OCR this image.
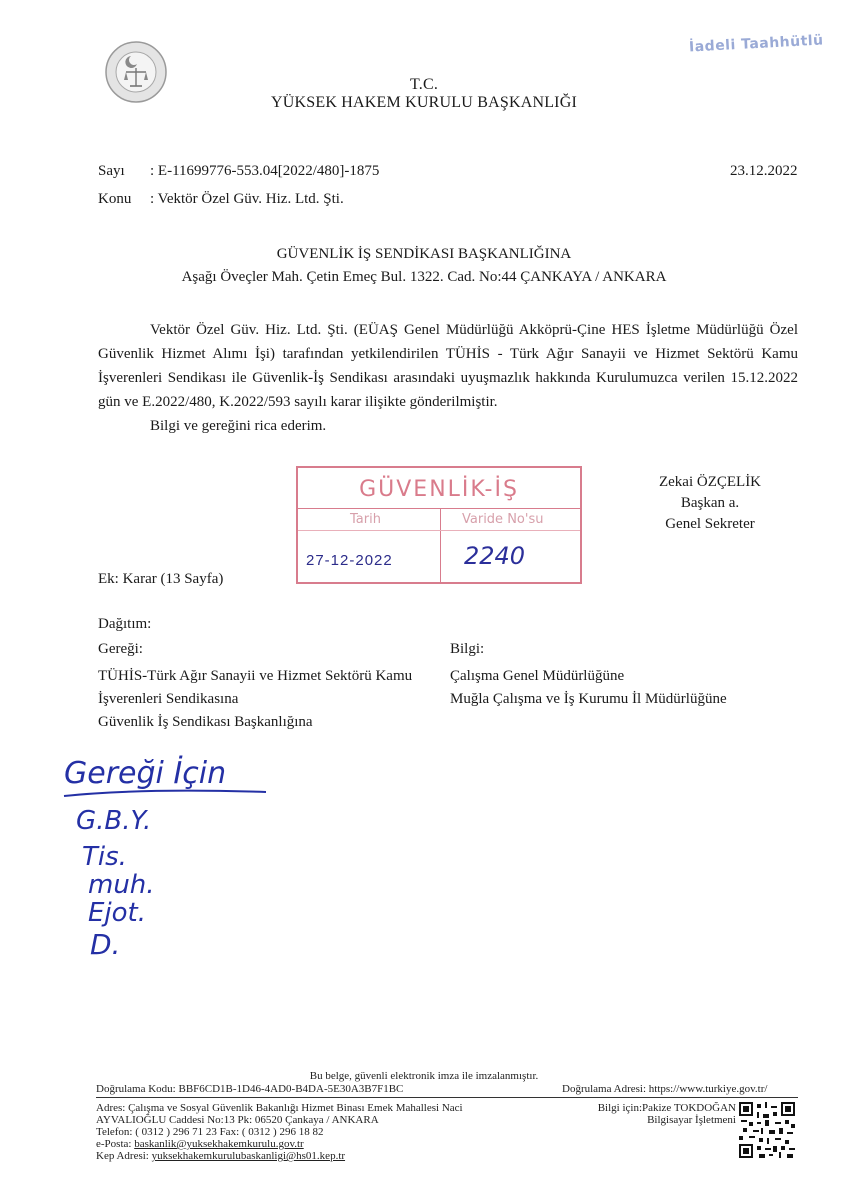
İadeli Taahhütlü
T.C.
YÜKSEK HAKEM KURULU BAŞKANLIĞI
Sayı : E-11699776-553.04[2022/480]-1875	23.12.2022
Konu : Vektör Özel Güv. Hiz. Ltd. Şti.
GÜVENLİK İŞ SENDİKASI BAŞKANLIĞINA
Aşağı Öveçler Mah. Çetin Emeç Bul. 1322. Cad. No:44 ÇANKAYA / ANKARA

Vektör Özel Güv. Hiz. Ltd. Şti. (EÜAŞ Genel Müdürlüğü Akköprü-Çine HES İşletme Müdürlüğü Özel Güvenlik Hizmet Alımı İşi) tarafından yetkilendirilen TÜHİS - Türk Ağır Sanayii ve Hizmet Sektörü Kamu İşverenleri Sendikası ile Güvenlik-İş Sendikası arasındaki uyuşmazlık hakkında Kurulumuzca verilen 15.12.2022 gün ve E.2022/480, K.2022/593 sayılı karar ilişikte gönderilmiştir.

Bilgi ve gereğini rica ederim.

Zekai ÖZÇELİK
Başkan a.
Genel Sekreter
GÜVENLİK-İŞ
Tarih	Varide No'su
27-12-2022	2240
Ek: Karar (13 Sayfa)
Dağıtım:
Gereği:
TÜHİS-Türk Ağır Sanayii ve Hizmet Sektörü Kamu
İşverenleri Sendikasına
Güvenlik İş Sendikası Başkanlığına
Bilgi:
Çalışma Genel Müdürlüğüne
Muğla Çalışma ve İş Kurumu İl Müdürlüğüne
Gereği İçin
G.B.Y.
Tis.
muh.
Ejot.
D.
Bu belge, güvenli elektronik imza ile imzalanmıştır.
Doğrulama Kodu: BBF6CD1B-1D46-4AD0-B4DA-5E30A3B7F1BC	Doğrulama Adresi: https://www.turkiye.gov.tr/
Adres: Çalışma ve Sosyal Güvenlik Bakanlığı Hizmet Binası Emek Mahallesi Naci
AYVALIOĞLU Caddesi No:13 Pk: 06520 Çankaya / ANKARA
Telefon: ( 0312 ) 296 71 23 Fax: ( 0312 ) 296 18 82
e-Posta: baskanlik@yuksekhakemkurulu.gov.tr
Kep Adresi: yuksekhakemkurulubaskanligi@hs01.kep.tr
Bilgi için:Pakize TOKDOĞAN
Bilgisayar İşletmeni
